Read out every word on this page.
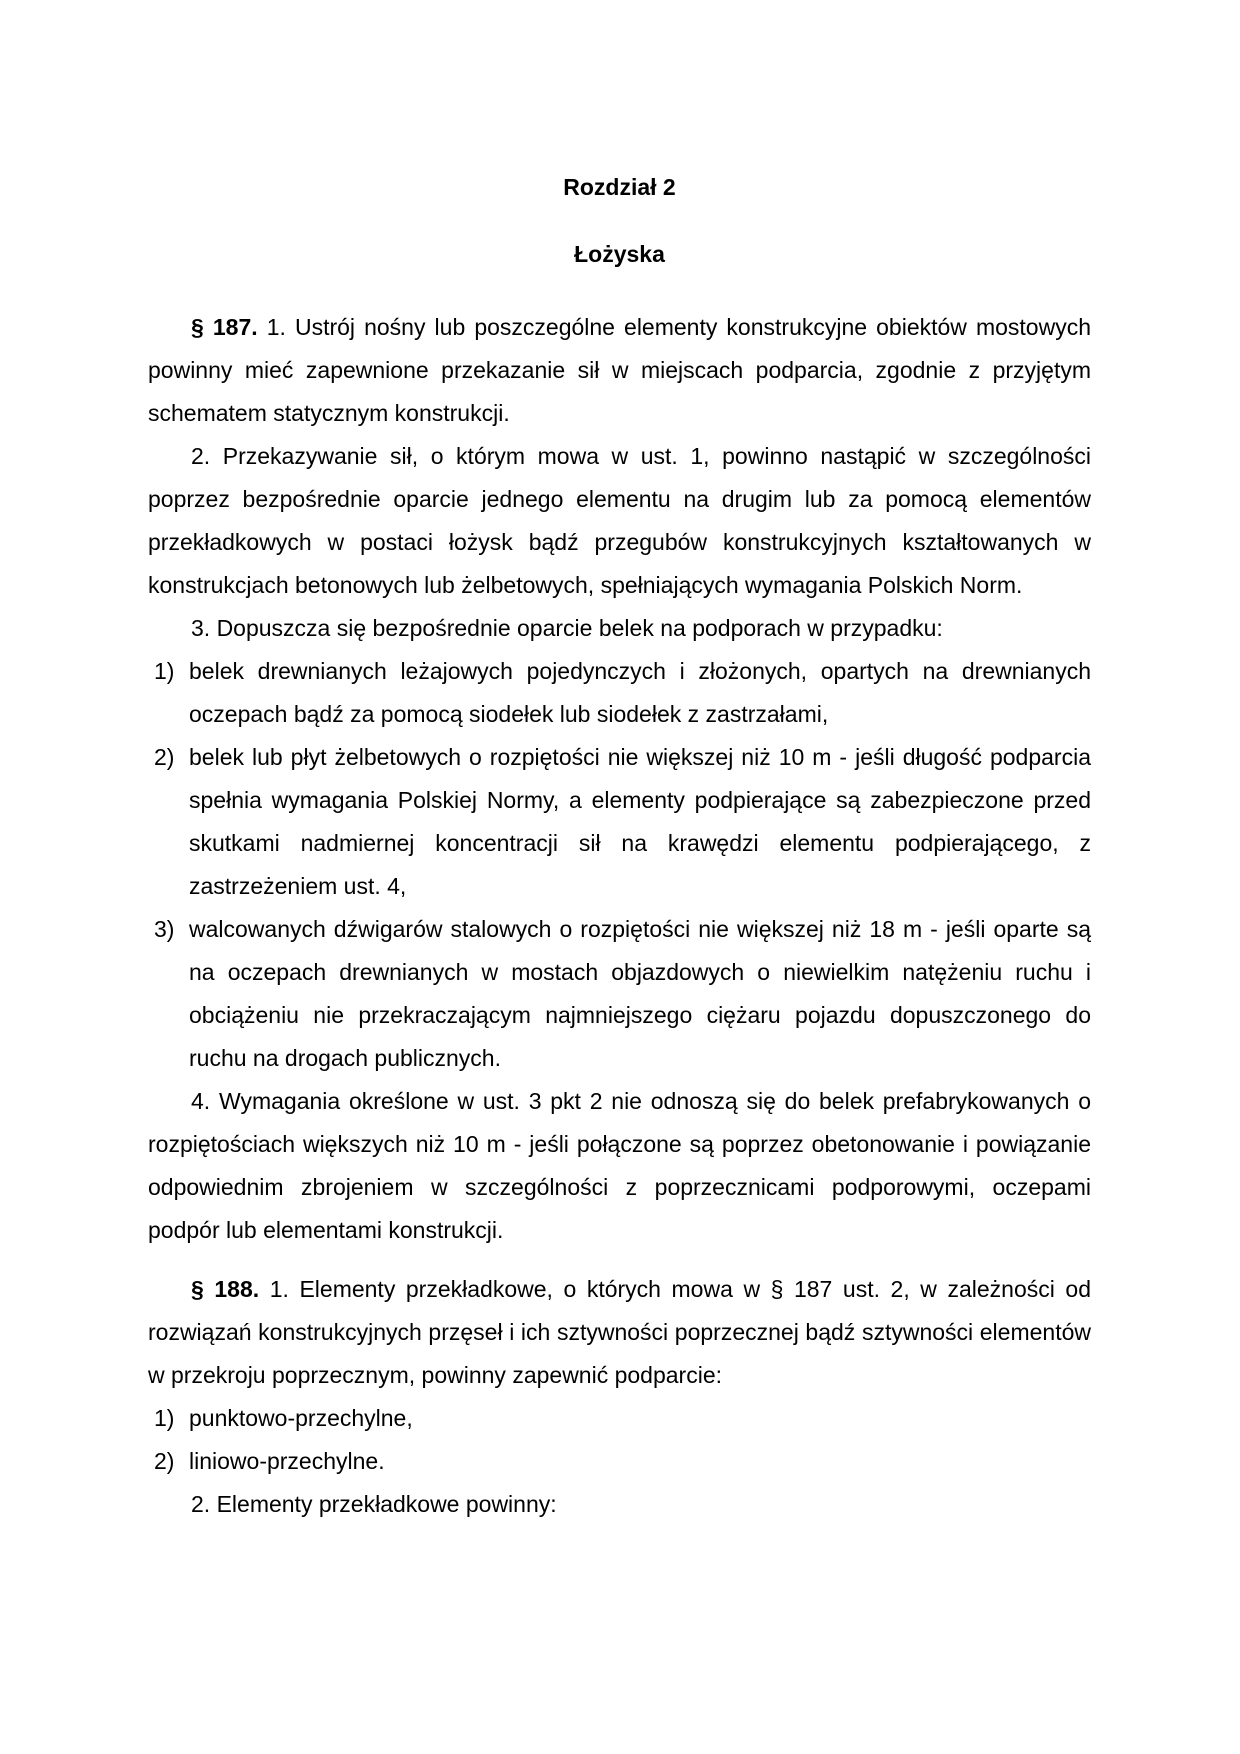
Rozdział 2
Łożyska

§ 187. 1. Ustrój nośny lub poszczególne elementy konstrukcyjne obiektów mostowych powinny mieć zapewnione przekazanie sił w miejscach podparcia, zgodnie z przyjętym schematem statycznym konstrukcji.

2. Przekazywanie sił, o którym mowa w ust. 1, powinno nastąpić w szczególności poprzez bezpośrednie oparcie jednego elementu na drugim lub za pomocą elementów przekładkowych w postaci łożysk bądź przegubów konstrukcyjnych kształtowanych w konstrukcjach betonowych lub żelbetowych, spełniających wymagania Polskich Norm.

3. Dopuszcza się bezpośrednie oparcie belek na podporach w przypadku:

1) belek drewnianych leżajowych pojedynczych i złożonych, opartych na drewnianych oczepach bądź za pomocą siodełek lub siodełek z zastrzałami,
2) belek lub płyt żelbetowych o rozpiętości nie większej niż 10 m - jeśli długość podparcia spełnia wymagania Polskiej Normy, a elementy podpierające są zabezpieczone przed skutkami nadmiernej koncentracji sił na krawędzi elementu podpierającego, z zastrzeżeniem ust. 4,
3) walcowanych dźwigarów stalowych o rozpiętości nie większej niż 18 m - jeśli oparte są na oczepach drewnianych w mostach objazdowych o niewielkim natężeniu ruchu i obciążeniu nie przekraczającym najmniejszego ciężaru pojazdu dopuszczonego do ruchu na drogach publicznych.

4. Wymagania określone w ust. 3 pkt 2 nie odnoszą się do belek prefabrykowanych o rozpiętościach większych niż 10 m - jeśli połączone są poprzez obetonowanie i powiązanie odpowiednim zbrojeniem w szczególności z poprzecznicami podporowymi, oczepami podpór lub elementami konstrukcji.

§ 188. 1. Elementy przekładkowe, o których mowa w § 187 ust. 2, w zależności od rozwiązań konstrukcyjnych przęseł i ich sztywności poprzecznej bądź sztywności elementów w przekroju poprzecznym, powinny zapewnić podparcie:

1) punktowo-przechylne,
2) liniowo-przechylne.

2. Elementy przekładkowe powinny:
